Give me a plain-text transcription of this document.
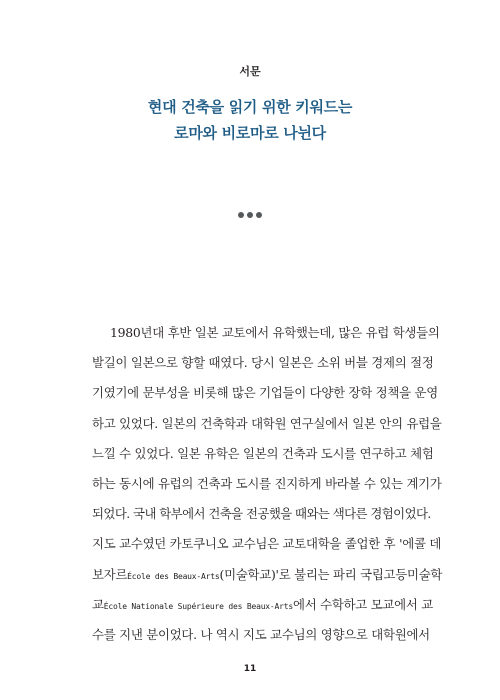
서문
현대 건축을 읽기 위한 키워드는
로마와 비로마로 나뉜다
1980년대 후반 일본 교토에서 유학했는데, 많은 유럽 학생들의
발길이 일본으로 향할 때였다. 당시 일본은 소위 버블 경제의 절정
기였기에 문부성을 비롯해 많은 기업들이 다양한 장학 정책을 운영
하고 있었다. 일본의 건축학과 대학원 연구실에서 일본 안의 유럽을
느낄 수 있었다. 일본 유학은 일본의 건축과 도시를 연구하고 체험
하는 동시에 유럽의 건축과 도시를 진지하게 바라볼 수 있는 계기가
되었다. 국내 학부에서 건축을 전공했을 때와는 색다른 경험이었다.
지도 교수였던 카토쿠니오 교수님은 교토대학을 졸업한 후 '에콜 데
보자르École des Beaux-Arts(미술학교)'로 불리는 파리 국립고등미술학
교École Nationale Supérieure des Beaux-Arts에서 수학하고 모교에서 교
수를 지낸 분이었다. 나 역시 지도 교수님의 영향으로 대학원에서
11
